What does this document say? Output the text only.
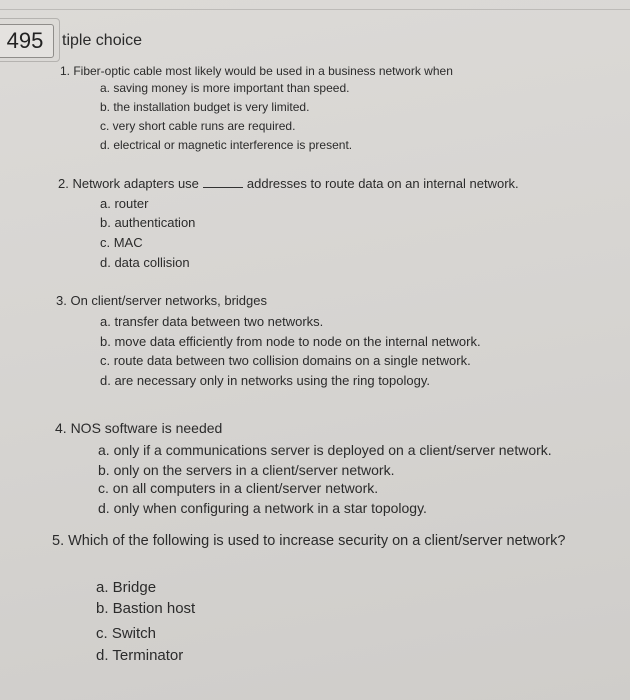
495	tiple choice
1. Fiber-optic cable most likely would be used in a business network when
a. saving money is more important than speed.
b. the installation budget is very limited.
c. very short cable runs are required.
d. electrical or magnetic interference is present.
2. Network adapters use	addresses to route data on an internal network.
a. router
b. authentication
c. MAC
d. data collision
3. On client/server networks, bridges
a. transfer data between two networks.
b. move data efficiently from node to node on the internal network.
c. route data between two collision domains on a single network.
d. are necessary only in networks using the ring topology.
4. NOS software is needed
a. only if a communications server is deployed on a client/server network.
b. only on the servers in a client/server network.
c. on all computers in a client/server network.
d. only when configuring a network in a star topology.
5. Which of the following is used to increase security on a client/server network?
a. Bridge
b. Bastion host
c. Switch
d. Terminator
